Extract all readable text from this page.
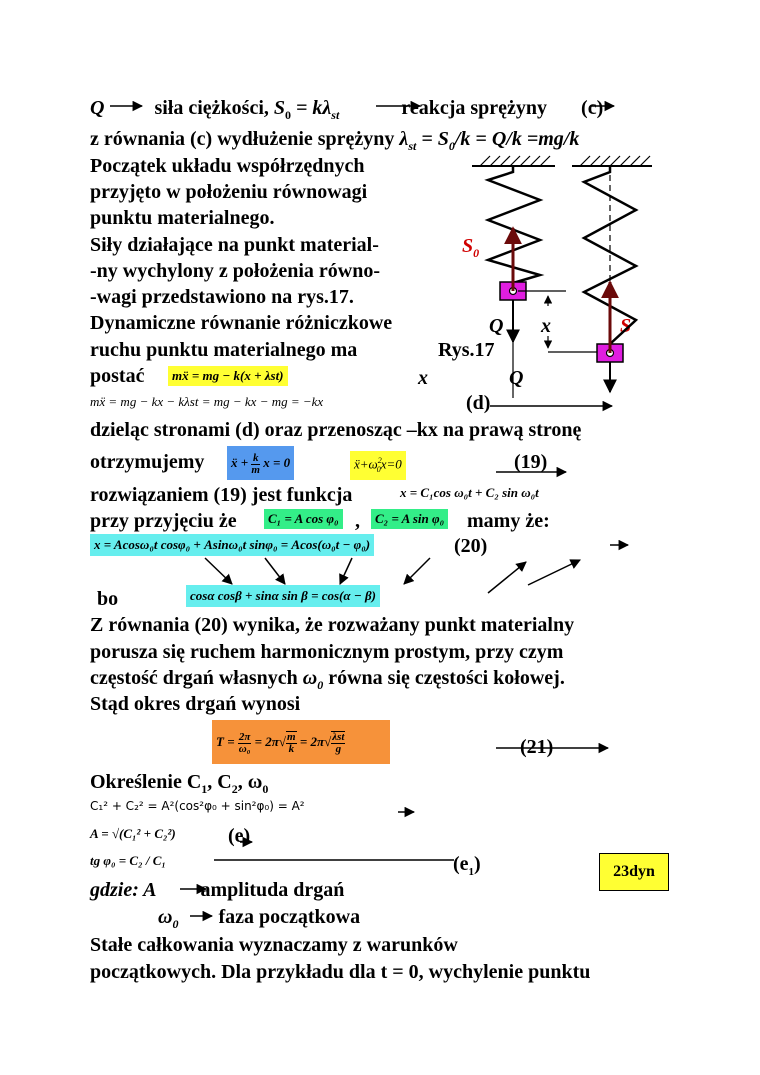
Q	siła ciężkości, $S_0 = k\lambda_{st}$	reakcja sprężyny (c)
z równania (c) wydłużenie sprężyny $\lambda_{st} = S_0/k = Q/k =mg/k$
Początek układu współrzędnych
przyjęto w położeniu równowagi
punktu materialnego.
Siły działające na punkt material-
-ny wychylony z położenia równo-
-wagi przedstawiono na rys.17.
Dynamiczne równanie różniczkowe
ruchu punktu materialnego ma
postać	mẍ = mg − k(x + λst)
mẍ = mg − kx − kλst = mg − kx − mg = −kx
Rys.17
x
(d)
dzieląc stronami (d) oraz przenosząc –kx na prawą stronę
otrzymujemy	ẍ + $\frac{k}{m}$ x = 0	$ẍ+\omega^2_0x=0$	(19)
rozwiązaniem (19) jest funkcja	x = C₁cos ω₀t + C₂ sin ω₀t
przy przyjęciu że	C₁ = A cos φ₀ ,	C₂ = A sin φ₀ mamy że:
x = Acosω₀t cosφ₀ + Asinω₀t sinφ₀ = Acos(ω₀t − φ₀)	(20)
bo	cosα cosβ + sinα sin β = cos(α − β)
Z równania (20) wynika, że rozważany punkt materialny
porusza się ruchem harmonicznym prostym, przy czym
częstość drgań własnych $\omega_0$ równa się częstości kołowej.
Stąd okres drgań wynosi
$T = \frac{2\pi}{\text{ω₀}} = 2\pi√ \frac{m}{k} = 2\pi√ \frac{\text{λst}}{g}$	(21)
Określenie $C_1$, $C_2$, $\omega_0$
C₁² + C₂² = A²(cos²φ₀ + sin²φ₀) = A²
A = √(C₁² + C₂²)	(e)
tg φ₀ = C₂ / C₁	$(e_1)$	23dyn
gdzie: A amplituda drgań
$\omega_0$ faza początkowa
Stałe całkowania wyznaczamy z warunków
początkowych. Dla przykładu dla t = 0, wychylenie punktu
$S_0$
Q x	S
Q
